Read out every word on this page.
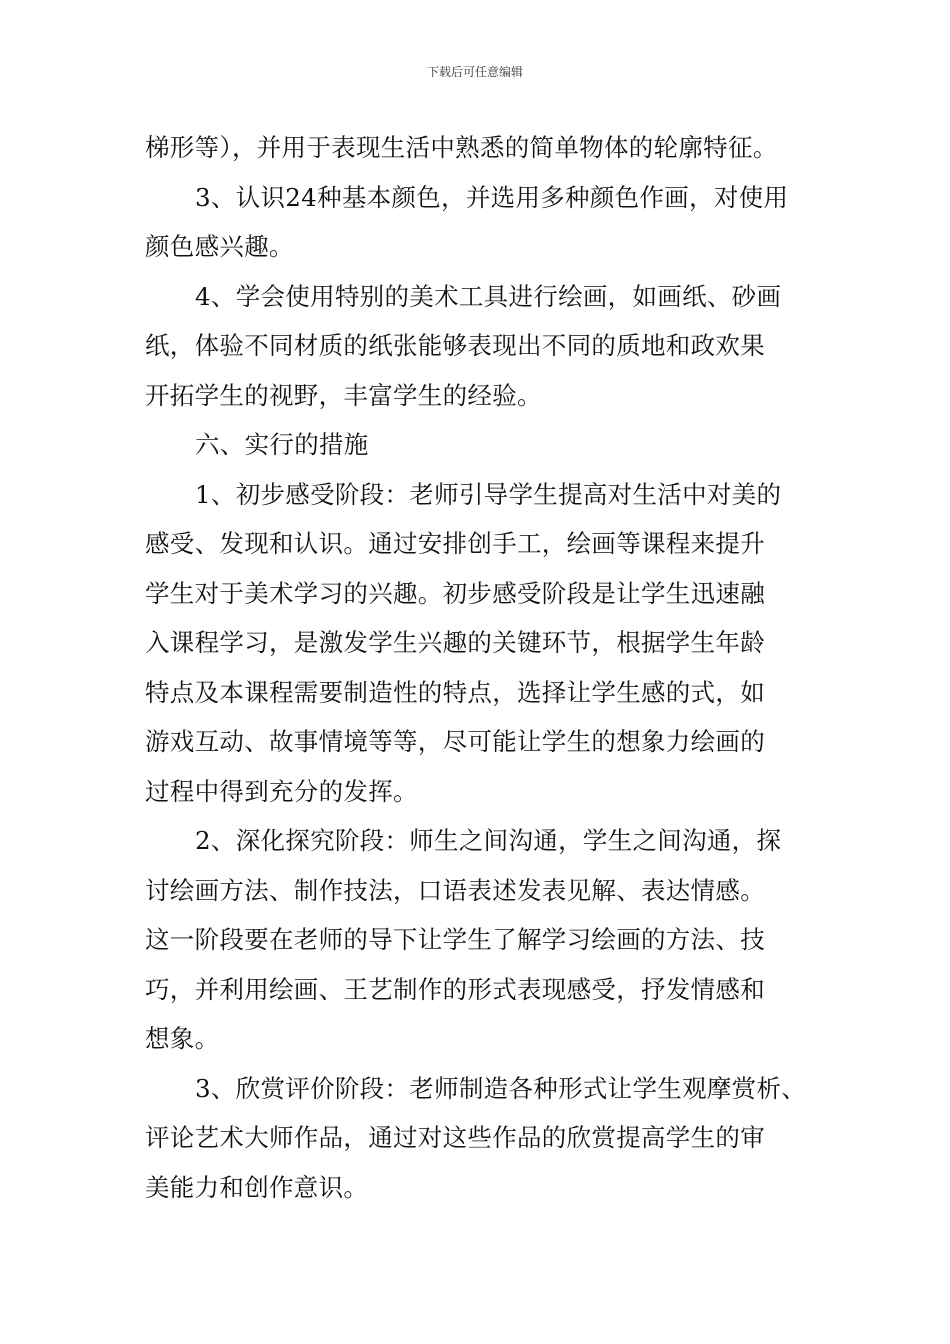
下载后可任意编辑
梯形等），并用于表现生活中熟悉的简单物体的轮廓特征。
3、认识24种基本颜色，并选用多种颜色作画，对使用
颜色感兴趣。
4、学会使用特别的美术工具进行绘画，如画纸、砂画
纸，体验不同材质的纸张能够表现出不同的质地和政欢果
开拓学生的视野，丰富学生的经验。
六、实行的措施
1、初步感受阶段：老师引导学生提高对生活中对美的
感受、发现和认识。通过安排创手工，绘画等课程来提升
学生对于美术学习的兴趣。初步感受阶段是让学生迅速融
入课程学习，是激发学生兴趣的关键环节，根据学生年龄
特点及本课程需要制造性的特点，选择让学生感的式，如
游戏互动、故事情境等等，尽可能让学生的想象力绘画的
过程中得到充分的发挥。
2、深化探究阶段：师生之间沟通，学生之间沟通，探
讨绘画方法、制作技法，口语表述发表见解、表达情感。
这一阶段要在老师的导下让学生了解学习绘画的方法、技
巧，并利用绘画、王艺制作的形式表现感受，抒发情感和
想象。
3、欣赏评价阶段：老师制造各种形式让学生观摩赏析、
评论艺术大师作品，通过对这些作品的欣赏提高学生的审
美能力和创作意识。
